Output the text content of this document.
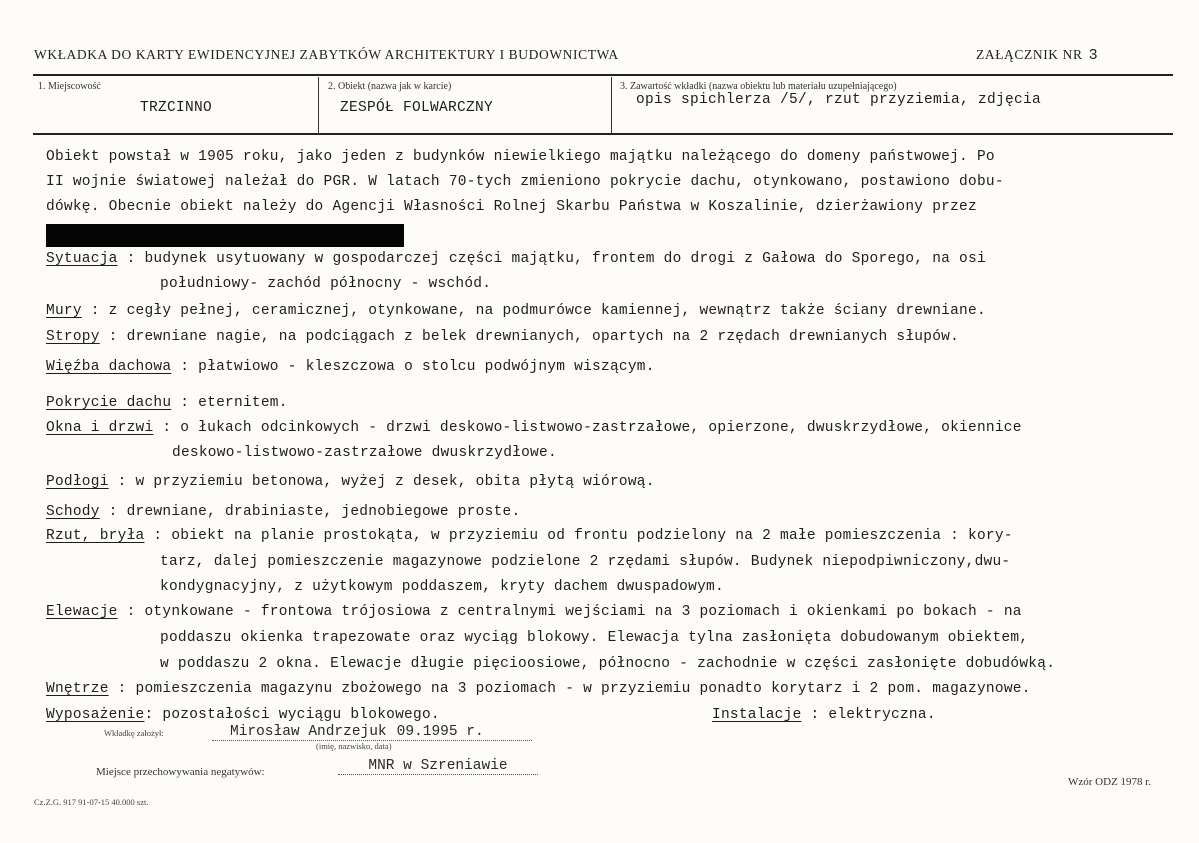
WKŁADKA DO KARTY EWIDENCYJNEJ ZABYTKÓW ARCHITEKTURY I BUDOWNICTWA	ZAŁĄCZNIK NR 3
1. Miejscowość
TRZCINNO
2. Obiekt (nazwa jak w karcie)
ZESPÓŁ FOLWARCZNY
3. Zawartość wkładki (nazwa obiektu lub materiału uzupełniającego)
opis spichlerza /5/, rzut przyziemia, zdjęcia
Obiekt powstał w 1905 roku, jako jeden z budynków niewielkiego majątku należącego do domeny państwowej. Po
II wojnie światowej należał do PGR. W latach 70-tych zmieniono pokrycie dachu, otynkowano, postawiono dobu-
dówkę. Obecnie obiekt należy do Agencji Własności Rolnej Skarbu Państwa w Koszalinie, dzierżawiony przez
Sytuacja : budynek usytuowany w gospodarczej części majątku, frontem do drogi z Gałowa do Sporego, na osi
południowy- zachód północny - wschód.
Mury : z cegły pełnej, ceramicznej, otynkowane, na podmurówce kamiennej, wewnątrz także ściany drewniane.
Stropy : drewniane nagie, na podciągach z belek drewnianych, opartych na 2 rzędach drewnianych słupów.
Więźba dachowa : płatwiowo - kleszczowa o stolcu podwójnym wiszącym.
Pokrycie dachu : eternitem.
Okna i drzwi : o łukach odcinkowych - drzwi deskowo-listwowo-zastrzałowe, opierzone, dwuskrzydłowe, okiennice
deskowo-listwowo-zastrzałowe dwuskrzydłowe.
Podłogi : w przyziemiu betonowa, wyżej z desek, obita płytą wiórową.
Schody : drewniane, drabiniaste, jednobiegowe proste.
Rzut, bryła : obiekt na planie prostokąta, w przyziemiu od frontu podzielony na 2 małe pomieszczenia : kory-
tarz, dalej pomieszczenie magazynowe podzielone 2 rzędami słupów. Budynek niepodpiwniczony,dwu-
kondygnacyjny, z użytkowym poddaszem, kryty dachem dwuspadowym.
Elewacje : otynkowane - frontowa trójosiowa z centralnymi wejściami na 3 poziomach i okienkami po bokach - na
poddaszu okienka trapezowate oraz wyciąg blokowy. Elewacja tylna zasłonięta dobudowanym obiektem,
w poddaszu 2 okna. Elewacje długie pięcioosiowe, północno - zachodnie w części zasłonięte dobudówką.
Wnętrze : pomieszczenia magazynu zbożowego na 3 poziomach - w przyziemiu ponadto korytarz i 2 pom. magazynowe.
Wyposażenie: pozostałości wyciągu blokowego.	Instalacje : elektryczna.
Wkładkę założył:	Mirosław Andrzejuk 09.1995 r.
(imię, nazwisko, data)
Miejsce przechowywania negatywów:	MNR w Szreniawie
Wzór ODZ 1978 r.
Cz.Z.G. 917 91-07-15 40.000 szt.
